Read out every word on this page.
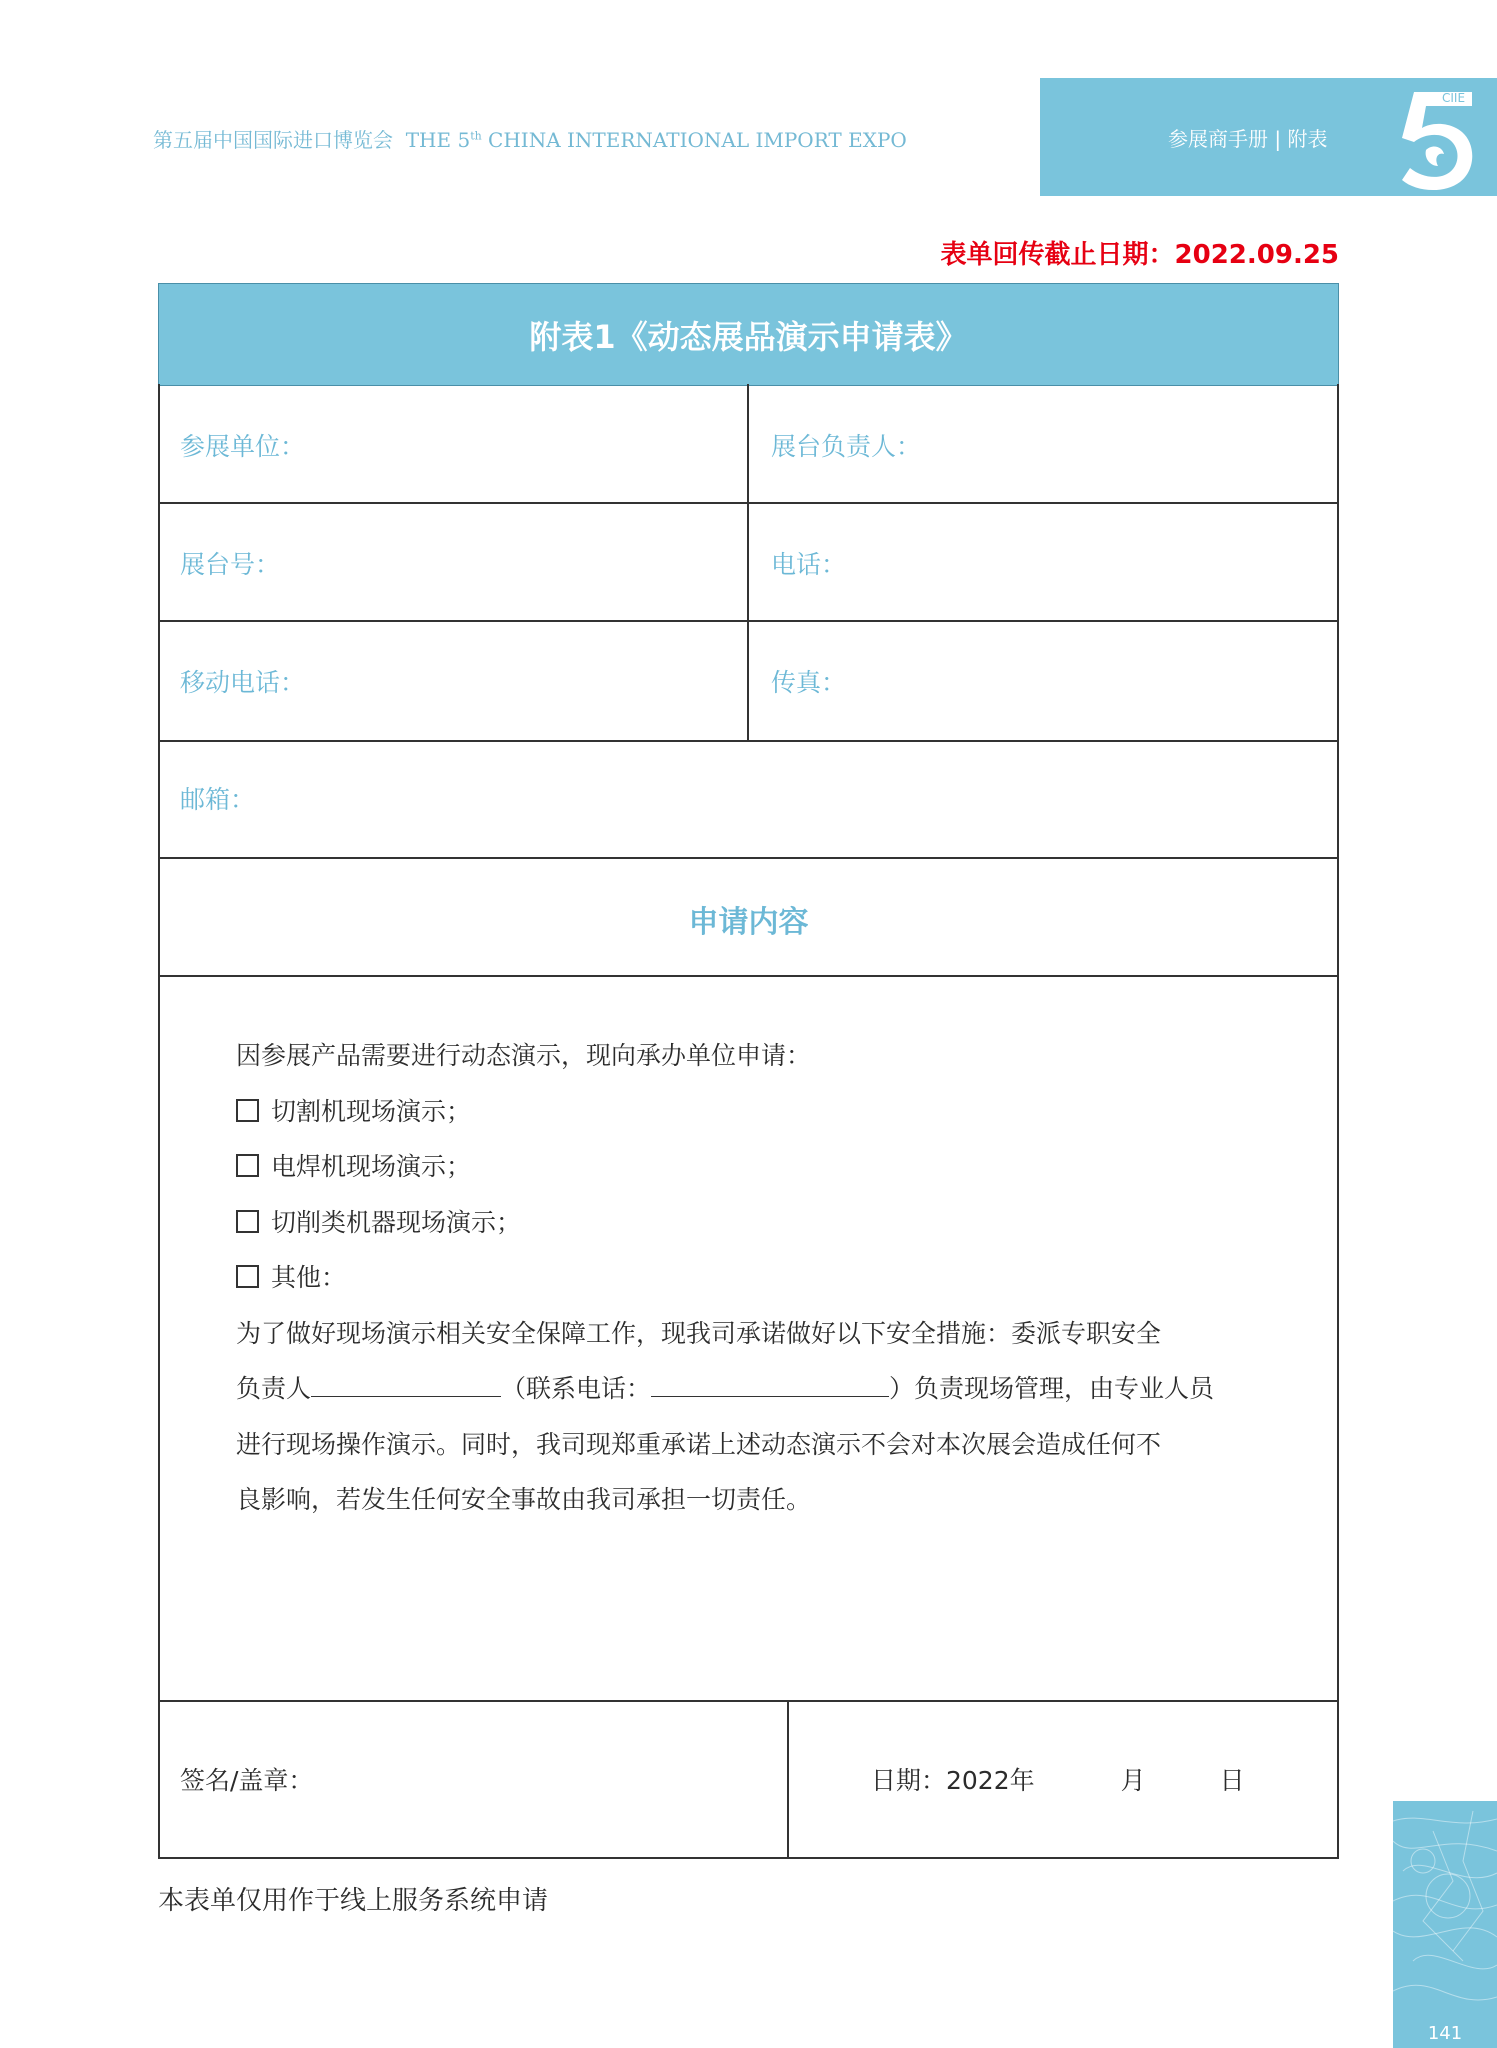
第五届中国国际进口博览会 THE 5th CHINA INTERNATIONAL IMPORT EXPO	参展商手册 | 附表
CIIE
表单回传截止日期：2022.09.25
附表1《动态展品演示申请表》
参展单位：	展台负责人：
展台号：	电话：
移动电话：	传真：
邮箱：
申请内容

因参展产品需要进行动态演示，现向承办单位申请：

切割机现场演示；

电焊机现场演示；

切削类机器现场演示；

其他：

为了做好现场演示相关安全保障工作，现我司承诺做好以下安全措施：委派专职安全

负责人	（联系电话：	）负责现场管理，由专业人员

进行现场操作演示。同时，我司现郑重承诺上述动态演示不会对本次展会造成任何不

良影响，若发生任何安全事故由我司承担一切责任。

签名/盖章：	日期：2022年	月	日
本表单仅用作于线上服务系统申请
141
